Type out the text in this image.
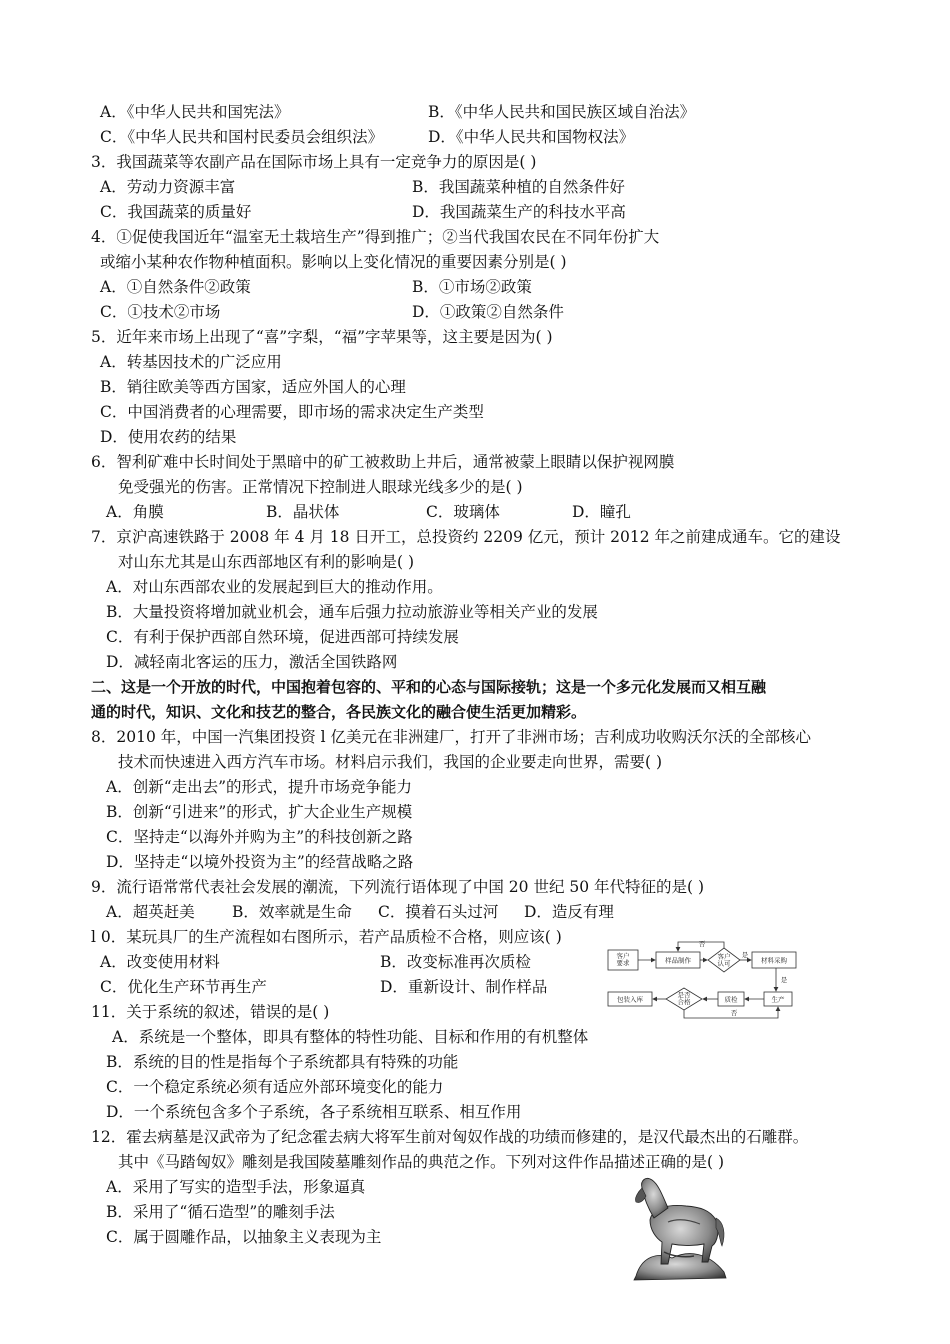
A．《中华人民共和国宪法》	B．《中华人民共和国民族区域自治法》
C．《中华人民共和国村民委员会组织法》	D．《中华人民共和国物权法》
3．我国蔬菜等农副产品在国际市场上具有一定竞争力的原因是( )
A．劳动力资源丰富	B．我国蔬菜种植的自然条件好
C．我国蔬菜的质量好	D．我国蔬菜生产的科技水平高
4．①促使我国近年“温室无土栽培生产”得到推广；②当代我国农民在不同年份扩大
或缩小某种农作物种植面积。影响以上变化情况的重要因素分别是( )
A．①自然条件②政策	B．①市场②政策
C．①技术②市场	D．①政策②自然条件
5．近年来市场上出现了“喜”字梨，“福”字苹果等，这主要是因为( )
A．转基因技术的广泛应用
B．销往欧美等西方国家，适应外国人的心理
C．中国消费者的心理需要，即市场的需求决定生产类型
D．使用农药的结果
6．智利矿难中长时间处于黑暗中的矿工被救助上井后，通常被蒙上眼睛以保护视网膜
免受强光的伤害。正常情况下控制进人眼球光线多少的是( )
A．角膜	B．晶状体	C．玻璃体	D．瞳孔
7．京沪高速铁路于 2008 年 4 月 18 日开工，总投资约 2209 亿元，预计 2012 年之前建成通车。它的建设
对山东尤其是山东西部地区有利的影响是( )
A．对山东西部农业的发展起到巨大的推动作用。
B．大量投资将增加就业机会，通车后强力拉动旅游业等相关产业的发展
C．有利于保护西部自然环境，促进西部可持续发展
D．减轻南北客运的压力，激活全国铁路网
二、这是一个开放的时代，中国抱着包容的、平和的心态与国际接轨；这是一个多元化发展而又相互融
通的时代，知识、文化和技艺的整合，各民族文化的融合使生活更加精彩。
8．2010 年，中国一汽集团投资 l 亿美元在非洲建厂，打开了非洲市场；吉利成功收购沃尔沃的全部核心
技术而快速进入西方汽车市场。材料启示我们，我国的企业要走向世界，需要( )
A．创新“走出去”的形式，提升市场竞争能力
B．创新“引进来”的形式，扩大企业生产规模
C．坚持走“以海外并购为主”的科技创新之路
D．坚持走“以境外投资为主”的经营战略之路
9．流行语常常代表社会发展的潮流，下列流行语体现了中国 20 世纪 50 年代特征的是( )
A．超英赶美 B．效率就是生命 C．摸着石头过河 D．造反有理
l 0．某玩具厂的生产流程如右图所示，若产品质检不合格，则应该( )
A．改变使用材料	B．改变标准再次质检
C．优化生产环节再生产	D．重新设计、制作样品
11．关于系统的叙述，错误的是( )
A．系统是一个整体，即具有整体的特性功能、目标和作用的有机整体
B．系统的目的性是指每个子系统都具有特殊的功能
C．一个稳定系统必须有适应外部环境变化的能力
D．一个系统包含多个子系统，各子系统相互联系、相互作用
12．霍去病墓是汉武帝为了纪念霍去病大将军生前对匈奴作战的功绩而修建的，是汉代最杰出的石雕群。
其中《马踏匈奴》雕刻是我国陵墓雕刻作品的典范之作。下列对这件作品描述正确的是( )
A．采用了写实的造型手法，形象逼真
B．采用了“循石造型”的雕刻手法
C．属于圆雕作品，以抽象主义表现为主
客户
要求	样品制作	客户
认可	材料采购
包装入库
是否
合格	质检	生产
是
是
否
否
